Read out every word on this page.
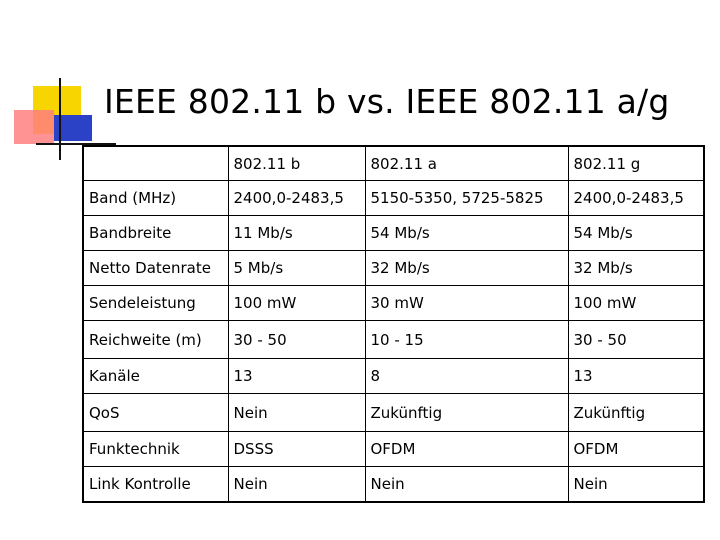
IEEE 802.11 b vs. IEEE 802.11 a/g
	802.11 b	802.11 a	802.11 g
Band (MHz)	2400,0-2483,5	5150-5350, 5725-5825	2400,0-2483,5
Bandbreite	11 Mb/s	54 Mb/s	54 Mb/s
Netto Datenrate	5 Mb/s	32 Mb/s	32 Mb/s
Sendeleistung	100 mW	30 mW	100 mW
Reichweite (m)	30 - 50	10 - 15	30 - 50
Kanäle	13	8	13
QoS	Nein	Zukünftig	Zukünftig
Funktechnik	DSSS	OFDM	OFDM
Link Kontrolle	Nein	Nein	Nein
